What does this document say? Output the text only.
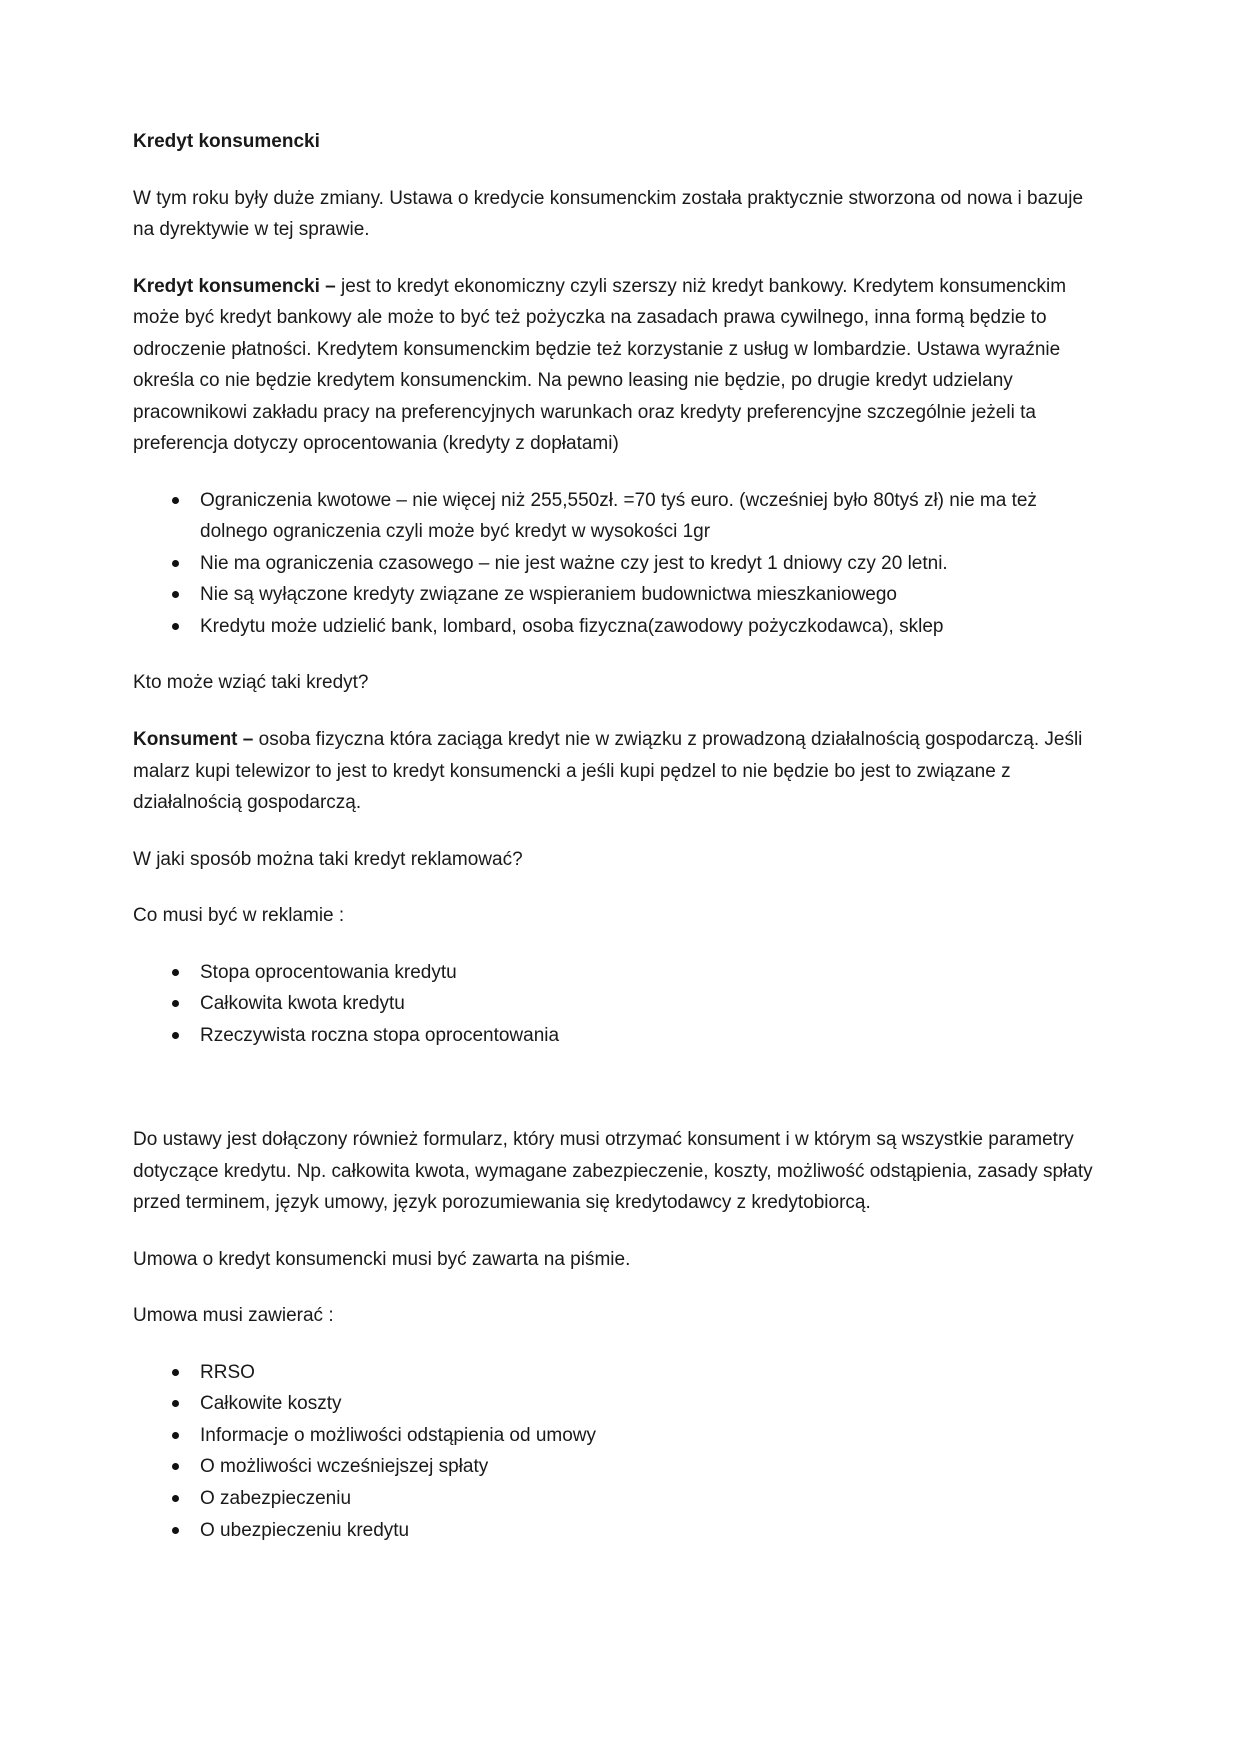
Kredyt konsumencki

W tym roku były duże zmiany. Ustawa o kredycie konsumenckim została praktycznie stworzona od nowa i bazuje na dyrektywie w tej sprawie.

Kredyt konsumencki – jest to kredyt ekonomiczny czyli szerszy niż kredyt bankowy. Kredytem konsumenckim może być kredyt bankowy ale może to być też pożyczka na zasadach prawa cywilnego, inna formą będzie to odroczenie płatności. Kredytem konsumenckim będzie też korzystanie z usług w lombardzie. Ustawa wyraźnie określa co nie będzie kredytem konsumenckim. Na pewno leasing nie będzie, po drugie kredyt udzielany pracownikowi zakładu pracy na preferencyjnych warunkach oraz kredyty preferencyjne szczególnie jeżeli ta preferencja dotyczy oprocentowania (kredyty z dopłatami)

Ograniczenia kwotowe – nie więcej niż 255,550zł. =70 tyś euro. (wcześniej było 80tyś zł) nie ma też dolnego ograniczenia czyli może być kredyt w wysokości 1gr
Nie ma ograniczenia czasowego – nie jest ważne czy jest to kredyt 1 dniowy czy 20 letni.
Nie są wyłączone kredyty związane ze wspieraniem budownictwa mieszkaniowego
Kredytu może udzielić bank, lombard, osoba fizyczna(zawodowy pożyczkodawca), sklep

Kto może wziąć taki kredyt?

Konsument – osoba fizyczna która zaciąga kredyt nie w związku z prowadzoną działalnością gospodarczą. Jeśli malarz kupi telewizor to jest to kredyt konsumencki a jeśli kupi pędzel to nie będzie bo jest to związane z działalnością gospodarczą.

W jaki sposób można taki kredyt reklamować?

Co musi być w reklamie :

Stopa oprocentowania kredytu
Całkowita kwota kredytu
Rzeczywista roczna stopa oprocentowania

Do ustawy jest dołączony również formularz, który musi otrzymać konsument i w którym są wszystkie parametry dotyczące kredytu. Np. całkowita kwota, wymagane zabezpieczenie, koszty, możliwość odstąpienia, zasady spłaty przed terminem, język umowy, język porozumiewania się kredytodawcy z kredytobiorcą.

Umowa o kredyt konsumencki musi być zawarta na piśmie.

Umowa musi zawierać :

RRSO
Całkowite koszty
Informacje o możliwości odstąpienia od umowy
O możliwości wcześniejszej spłaty
O zabezpieczeniu
O ubezpieczeniu kredytu
